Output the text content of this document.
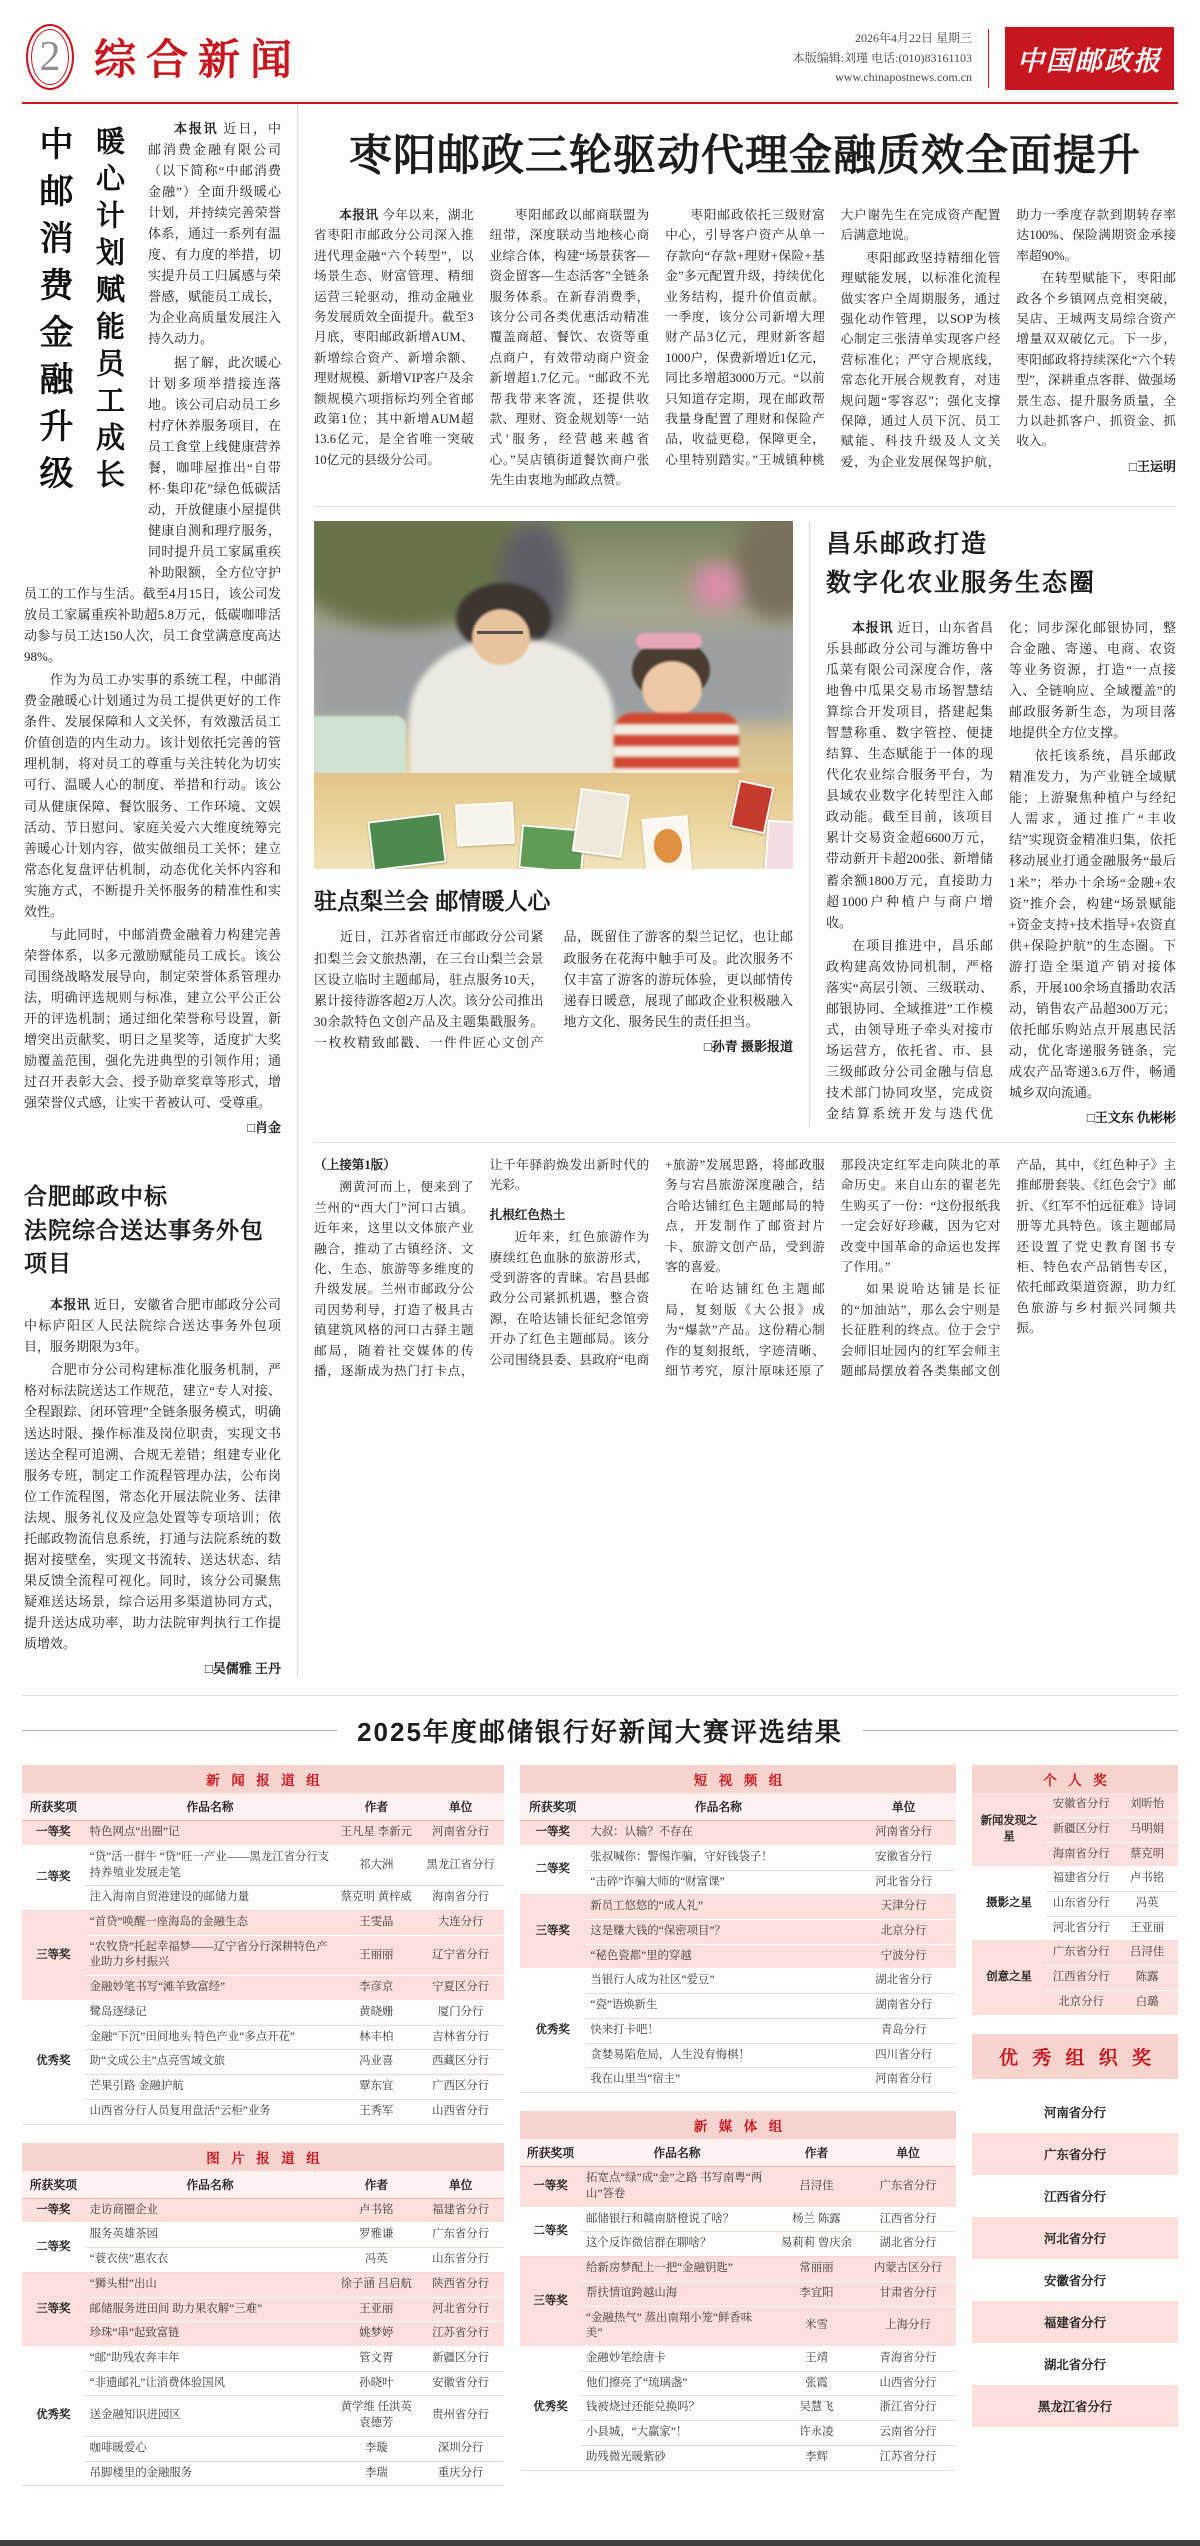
2 综合新闻	2026年4月22日 星期三
本版编辑:刘瑾 电话:(010)83161103
www.chinapostnews.com.cn
中国邮政报
暖心计划赋能员工成长
中邮消费金融升级	本报讯 近日，中邮消费金融有限公司（以下简称“中邮消费金融”）全面升级暖心计划，并持续完善荣誉体系，通过一系列有温度、有力度的举措，切实提升员工归属感与荣誉感，赋能员工成长，为企业高质量发展注入持久动力。

据了解，此次暖心计划多项举措接连落地。该公司启动员工乡村疗休养服务项目，在员工食堂上线健康营养餐，咖啡屋推出“自带杯·集印花”绿色低碳活动，开放健康小屋提供健康自测和理疗服务，同时提升员工家属重疾补助限额，全方位守护员工的工作与生活。截至4月15日，该公司发放员工家属重疾补助超5.8万元，低碳咖啡活动参与员工达150人次，员工食堂满意度高达98%。

作为为员工办实事的系统工程，中邮消费金融暖心计划通过为员工提供更好的工作条件、发展保障和人文关怀，有效激活员工价值创造的内生动力。该计划依托完善的管理机制，将对员工的尊重与关注转化为切实可行、温暖人心的制度、举措和行动。该公司从健康保障、餐饮服务、工作环境、文娱活动、节日慰问、家庭关爱六大维度统筹完善暖心计划内容，做实做细员工关怀；建立常态化复盘评估机制，动态优化关怀内容和实施方式，不断提升关怀服务的精准性和实效性。

与此同时，中邮消费金融着力构建完善荣誉体系，以多元激励赋能员工成长。该公司围绕战略发展导向，制定荣誉体系管理办法，明确评选规则与标准，建立公平公正公开的评选机制；通过细化荣誉称号设置，新增突出贡献奖、明日之星奖等，适度扩大奖励覆盖范围，强化先进典型的引领作用；通过召开表彰大会、授予勋章奖章等形式，增强荣誉仪式感，让实干者被认可、受尊重。

□肖金

合肥邮政中标
法院综合送达事务外包项目

本报讯 近日，安徽省合肥市邮政分公司中标庐阳区人民法院综合送达事务外包项目，服务期限为3年。

合肥市分公司构建标准化服务机制，严格对标法院送达工作规范，建立“专人对接、全程跟踪、闭环管理”全链条服务模式，明确送达时限、操作标准及岗位职责，实现文书送达全程可追溯、合规无差错；组建专业化服务专班，制定工作流程管理办法，公布岗位工作流程图，常态化开展法院业务、法律法规、服务礼仪及应急处置等专项培训；依托邮政物流信息系统，打通与法院系统的数据对接壁垒，实现文书流转、送达状态、结果反馈全流程可视化。同时，该分公司聚焦疑难送达场景，综合运用多渠道协同方式，提升送达成功率，助力法院审判执行工作提质增效。

□吴儒雅 王丹

枣阳邮政三轮驱动代理金融质效全面提升

本报讯 今年以来，湖北省枣阳市邮政分公司深入推进代理金融“六个转型”，以场景生态、财富管理、精细运营三轮驱动，推动金融业务发展质效全面提升。截至3月底，枣阳邮政新增AUM、新增综合资产、新增余额、理财规模、新增VIP客户及余额规模六项指标均列全省邮政第1位；其中新增AUM超13.6亿元，是全省唯一突破10亿元的县级分公司。

枣阳邮政以邮商联盟为纽带，深度联动当地核心商业综合体，构建“场景获客—资金留客—生态活客”全链条服务体系。在新春消费季，该分公司各类优惠活动精准覆盖商超、餐饮、农资等重点商户，有效带动商户资金新增超1.7亿元。“邮政不光帮我带来客流，还提供收款、理财、资金规划等‘一站式’服务，经营越来越省心。”吴店镇街道餐饮商户张先生由衷地为邮政点赞。

枣阳邮政依托三级财富中心，引导客户资产从单一存款向“存款+理财+保险+基金”多元配置升级，持续优化业务结构，提升价值贡献。一季度，该分公司新增大理财产品3亿元，理财新客超1000户，保费新增近1亿元，同比多增超3000万元。“以前只知道存定期，现在邮政帮我量身配置了理财和保险产品，收益更稳，保障更全，心里特别踏实。”王城镇种桃大户谢先生在完成资产配置后满意地说。

枣阳邮政坚持精细化管理赋能发展，以标准化流程做实客户全周期服务，通过强化动作管理，以SOP为核心制定三张清单实现客户经营标准化；严守合规底线，常态化开展合规教育，对违规问题“零容忍”；强化支撑保障，通过人员下沉、员工赋能、科技升级及人文关爱，为企业发展保驾护航，助力一季度存款到期转存率达100%、保险满期资金承接率超90%。

在转型赋能下，枣阳邮政各个乡镇网点竞相突破，吴店、王城两支局综合资产增量双双破亿元。下一步，枣阳邮政将持续深化“六个转型”，深耕重点客群、做强场景生态、提升服务质量，全力以赴抓客户、抓资金、抓收入。

□王运明

驻点梨兰会 邮情暖人心

近日，江苏省宿迁市邮政分公司紧扣梨兰会文旅热潮，在三台山梨兰会景区设立临时主题邮局，驻点服务10天，累计接待游客超2万人次。该分公司推出30余款特色文创产品及主题集戳服务。一枚枚精致邮戳、一件件匠心文创产品，既留住了游客的梨兰记忆，也让邮政服务在花海中触手可及。此次服务不仅丰富了游客的游玩体验，更以邮情传递春日暖意，展现了邮政企业积极融入地方文化、服务民生的责任担当。

□孙青 摄影报道

昌乐邮政打造
数字化农业服务生态圈

本报讯 近日，山东省昌乐县邮政分公司与潍坊鲁中瓜菜有限公司深度合作，落地鲁中瓜果交易市场智慧结算综合开发项目，搭建起集智慧称重、数字管控、便捷结算、生态赋能于一体的现代化农业综合服务平台，为县域农业数字化转型注入邮政动能。截至目前，该项目累计交易资金超6600万元，带动新开卡超200张、新增储蓄余额1800万元，直接助力超1000户种植户与商户增收。

在项目推进中，昌乐邮政构建高效协同机制，严格落实“高层引领、三级联动、邮银协同、全域推进”工作模式，由领导班子牵头对接市场运营方，依托省、市、县三级邮政分公司金融与信息技术部门协同攻坚，完成资金结算系统开发与迭代优化；同步深化邮银协同，整合金融、寄递、电商、农资等业务资源，打造“一点接入、全链响应、全域覆盖”的邮政服务新生态，为项目落地提供全方位支撑。

依托该系统，昌乐邮政精准发力，为产业链全域赋能；上游聚焦种植户与经纪人需求，通过推广“丰收结”实现资金精准归集，依托移动展业打通金融服务“最后1米”；举办十余场“金融+农资”推介会，构建“场景赋能+资金支持+技术指导+农资直供+保险护航”的生态圈。下游打造全渠道产销对接体系，开展100余场直播助农活动，销售农产品超300万元；依托邮乐购站点开展惠民活动，优化寄递服务链条，完成农产品寄递3.6万件，畅通城乡双向流通。

□王文东 仇彬彬

（上接第1版）

溯黄河而上，便来到了兰州的“西大门”河口古镇。近年来，这里以文体旅产业融合，推动了古镇经济、文化、生态、旅游等多维度的升级发展。兰州市邮政分公司因势利导，打造了极具古镇建筑风格的河口古驿主题邮局，随着社交媒体的传播，逐渐成为热门打卡点，让千年驿韵焕发出新时代的光彩。

扎根红色热土

近年来，红色旅游作为赓续红色血脉的旅游形式，受到游客的青睐。宕昌县邮政分公司紧抓机遇，整合资源，在哈达铺长征纪念馆旁开办了红色主题邮局。该分公司围绕县委、县政府“电商+旅游”发展思路，将邮政服务与宕昌旅游深度融合，结合哈达铺红色主题邮局的特点，开发制作了邮资封片卡、旅游文创产品，受到游客的喜爱。

在哈达铺红色主题邮局，复刻版《大公报》成为“爆款”产品。这份精心制作的复刻报纸，字迹清晰、细节考究，原汁原味还原了那段决定红军走向陕北的革命历史。来自山东的翟老先生购买了一份：“这份报纸我一定会好好珍藏，因为它对改变中国革命的命运也发挥了作用。”

如果说哈达铺是长征的“加油站”，那么会宁则是长征胜利的终点。位于会宁会师旧址园内的红军会师主题邮局摆放着各类集邮文创产品，其中，《红色种子》主推邮册套装、《红色会宁》邮折、《红军不怕远征难》诗词册等尤具特色。该主题邮局还设置了党史教育图书专柜、特色农产品销售专区，依托邮政渠道资源，助力红色旅游与乡村振兴同频共振。

2025年度邮储银行好新闻大赛评选结果
新闻报道组
所获奖项	作品名称	作者	单位
一等奖	特色网点“出圈”记	王凡星 李新元	河南省分行
二等奖	“贷”活一群牛 “贷”旺一产业——黑龙江省分行支持养殖业发展走笔	祁大洲	黑龙江省分行
	注入海南自贸港建设的邮储力量	蔡克明 黄梓威	海南省分行
三等奖	“首贷”唤醒一座海岛的金融生态	王雯晶	大连分行
	“农牧贷”托起幸福梦——辽宁省分行深耕特色产业助力乡村振兴	王丽丽	辽宁省分行
	金融妙笔书写“滩羊致富经”	李彦京	宁夏区分行
优秀奖	鹭岛逐绿记	黄晓姗	厦门分行
	金融“下沉”田间地头 特色产业“多点开花”	林丰柏	吉林省分行
	助“文成公主”点亮雪域文旅	冯业喜	西藏区分行
	芒果引路 金融护航	覃东宜	广西区分行
	山西省分行人员复用盘活“云柜”业务	王秀军	山西省分行
图片报道组
所获奖项	作品名称	作者	单位
一等奖	走访商圈企业	卢书铭	福建省分行
二等奖	服务英雄茶园	罗雅谦	广东省分行
	“蓑衣侠”惠农衣	冯英	山东省分行
三等奖	“狮头柑”出山	徐子涵 吕启航	陕西省分行
	邮储服务进田间 助力果农解“三难”	王亚丽	河北省分行
	珍珠“串”起致富链	姚梦婷	江苏省分行
优秀奖	“邮”助残农奔丰年	管文胥	新疆区分行
	“非遗邮礼”让消费体验国风	孙晓叶	安徽省分行
	送金融知识进园区	黄学维 任洪英 袁德芳	贵州省分行
	咖啡暖爱心	李璇	深圳分行
	吊脚楼里的金融服务	李瑞	重庆分行
短视频组
所获奖项	作品名称	单位
一等奖	大叔：认输？不存在	河南省分行
二等奖	张叔喊你：警惕诈骗，守好钱袋子！	安徽省分行
	“击碎”诈骗大师的“财富课”	河北省分行
三等奖	新员工悠悠的“成人礼”	天津分行
	这是赚大钱的“保密项目”？	北京分行
	“秘色瓷都”里的穿越	宁波分行
优秀奖	当银行人成为社区“爱豆”	湖北省分行
	“瓷”语焕新生	湖南省分行
	快来打卡吧！	青岛分行
	贪婪易陷危局，人生没有悔棋！	四川省分行
	我在山里当“宿主”	河南省分行
新媒体组
所获奖项	作品名称	作者	单位
一等奖	拓宽点“绿”成“金”之路 书写南粤“两山”答卷	吕浔佳	广东省分行
二等奖	邮储银行和赣南脐橙说了啥？	杨兰 陈露	江西省分行
	这个反诈微信群在聊啥？	易莉莉 曾庆余	湖北省分行
三等奖	给新房梦配上一把“金融钥匙”	常丽丽	内蒙古区分行
	帮扶情谊跨越山海	李宜阳	甘肃省分行
	“金融热气” 蒸出南翔小笼“鲜香味美”	米雪	上海分行
优秀奖	金融妙笔绘唐卡	王靖	青海省分行
	他们擦亮了“琉璃盏”	张霞	山西省分行
	钱被烧过还能兑换吗？	吴慧飞	浙江省分行
	小县城，“大赢家”！	许永凌	云南省分行
	助残微光暖紫砂	李辉	江苏省分行
个人奖
新闻发现之星	安徽省分行	刘昕怡
	新疆区分行	马明娟
	海南省分行	蔡克明
摄影之星	福建省分行	卢书铭
	山东省分行	冯英
	河北省分行	王亚丽
创意之星	广东省分行	吕浔佳
	江西省分行	陈露
	北京分行	白璐
优秀组织奖
河南省分行
广东省分行
江西省分行
河北省分行
安徽省分行
福建省分行
湖北省分行
黑龙江省分行
